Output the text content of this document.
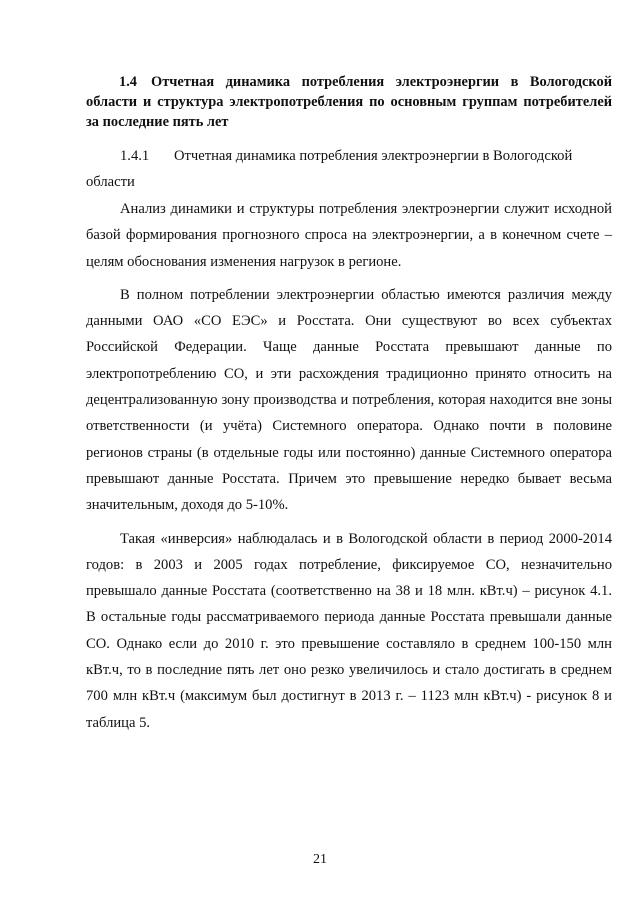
1.4 Отчетная динамика потребления электроэнергии в Вологодской области и структура электропотребления по основным группам потребителей за последние пять лет
1.4.1 Отчетная динамика потребления электроэнергии в Вологодской области

Анализ динамики и структуры потребления электроэнергии служит исходной базой формирования прогнозного спроса на электроэнергии, а в конечном счете – целям обоснования изменения нагрузок в регионе.

В полном потреблении электроэнергии областью имеются различия между данными ОАО «СО ЕЭС» и Росстата. Они существуют во всех субъектах Российской Федерации. Чаще данные Росстата превышают данные по электропотреблению СО, и эти расхождения традиционно принято относить на децентрализованную зону производства и потребления, которая находится вне зоны ответственности (и учёта) Системного оператора. Однако почти в половине регионов страны (в отдельные годы или постоянно) данные Системного оператора превышают данные Росстата. Причем это превышение нередко бывает весьма значительным, доходя до 5-10%.

Такая «инверсия» наблюдалась и в Вологодской области в период 2000-2014 годов: в 2003 и 2005 годах потребление, фиксируемое СО, незначительно превышало данные Росстата (соответственно на 38 и 18 млн. кВт.ч) – рисунок 4.1. В остальные годы рассматриваемого периода данные Росстата превышали данные СО. Однако если до 2010 г. это превышение составляло в среднем 100-150 млн кВт.ч, то в последние пять лет оно резко увеличилось и стало достигать в среднем 700 млн кВт.ч (максимум был достигнут в 2013 г. – 1123 млн кВт.ч) - рисунок 8 и таблица 5.

21
